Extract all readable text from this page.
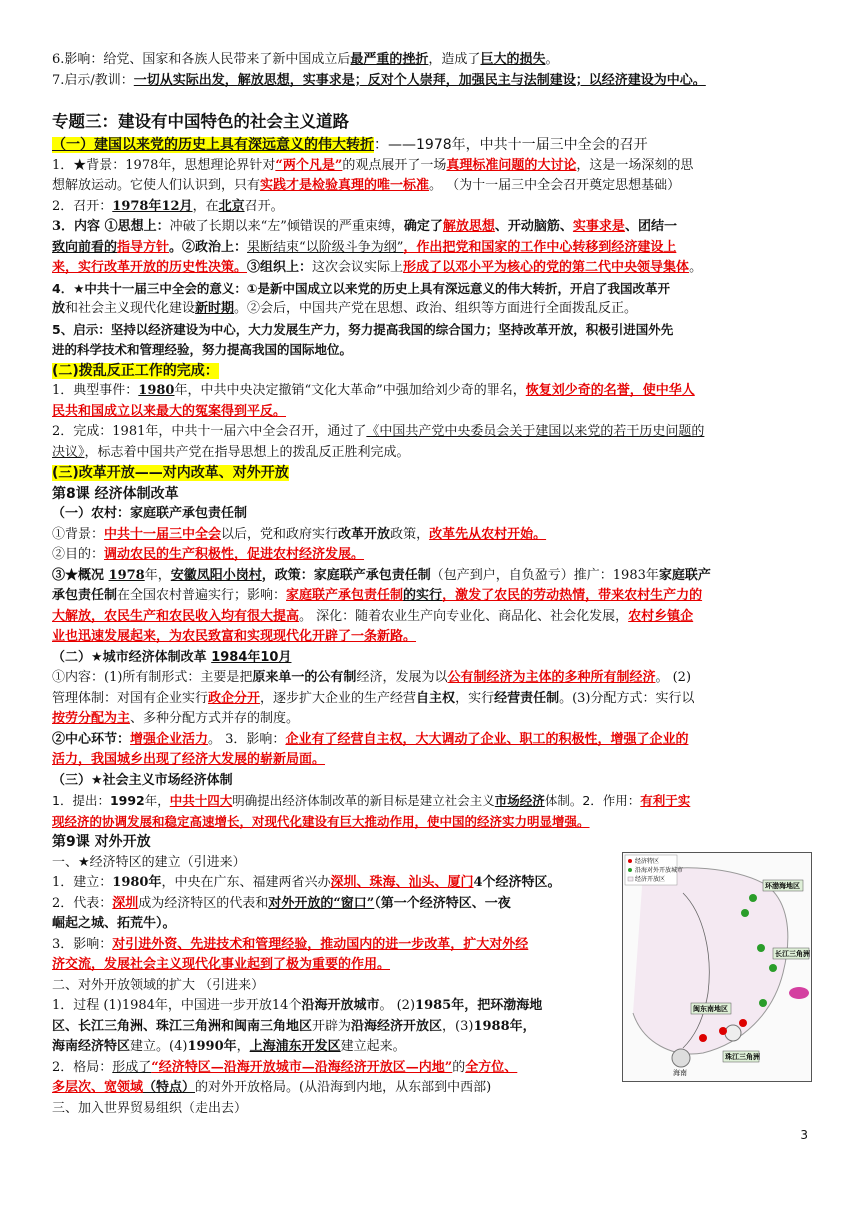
6.影响：给党、国家和各族人民带来了新中国成立后最严重的挫折，造成了巨大的损失。

7.启示/教训：一切从实际出发，解放思想，实事求是；反对个人崇拜，加强民主与法制建设；以经济建设为中心。

专题三：建设有中国特色的社会主义道路

（一）建国以来党的历史上具有深远意义的伟大转折：——1978年，中共十一届三中全会的召开

1．★背景：1978年，思想理论界针对“两个凡是”的观点展开了一场真理标准问题的大讨论，这是一场深刻的思

想解放运动。它使人们认识到，只有实践才是检验真理的唯一标准。 （为十一届三中全会召开奠定思想基础）

2．召开：1978年12月，在北京召开。

3．内容 ①思想上：冲破了长期以来“左”倾错误的严重束缚，确定了解放思想、开动脑筋、实事求是、团结一

致向前看的指导方针。②政治上：果断结束“以阶级斗争为纲”，作出把党和国家的工作中心转移到经济建设上

来，实行改革开放的历史性决策。③组织上：这次会议实际上形成了以邓小平为核心的党的第二代中央领导集体。

4．★中共十一届三中全会的意义：①是新中国成立以来党的历史上具有深远意义的伟大转折，开启了我国改革开

放和社会主义现代化建设新时期。②会后，中国共产党在思想、政治、组织等方面进行全面拨乱反正。

5、启示：坚持以经济建设为中心，大力发展生产力，努力提高我国的综合国力；坚持改革开放，积极引进国外先

进的科学技术和管理经验，努力提高我国的国际地位。

(二)拨乱反正工作的完成：

1．典型事件：1980年，中共中央决定撤销“文化大革命”中强加给刘少奇的罪名，恢复刘少奇的名誉，使中华人

民共和国成立以来最大的冤案得到平反。

2．完成：1981年，中共十一届六中全会召开，通过了《中国共产党中央委员会关于建国以来党的若干历史问题的

决议》，标志着中国共产党在指导思想上的拨乱反正胜利完成。

(三)改革开放——对内改革、对外开放

第8课 经济体制改革

（一）农村：家庭联产承包责任制

①背景：中共十一届三中全会以后，党和政府实行改革开放政策，改革先从农村开始。

②目的：调动农民的生产积极性，促进农村经济发展。

③★概况 1978年，安徽凤阳小岗村，政策：家庭联产承包责任制（包产到户，自负盈亏）推广：1983年家庭联产

承包责任制在全国农村普遍实行；影响：家庭联产承包责任制的实行，激发了农民的劳动热情，带来农村生产力的

大解放，农民生产和农民收入均有很大提高。 深化：随着农业生产向专业化、商品化、社会化发展，农村乡镇企

业也迅速发展起来，为农民致富和实现现代化开辟了一条新路。

（二）★城市经济体制改革 1984年10月

①内容：(1)所有制形式：主要是把原来单一的公有制经济，发展为以公有制经济为主体的多种所有制经济。 (2)

管理体制：对国有企业实行政企分开，逐步扩大企业的生产经营自主权，实行经营责任制。(3)分配方式：实行以

按劳分配为主、多种分配方式并存的制度。

②中心环节：增强企业活力。 3．影响：企业有了经营自主权，大大调动了企业、职工的积极性，增强了企业的

活力，我国城乡出现了经济大发展的崭新局面。

（三）★社会主义市场经济体制

1．提出：1992年，中共十四大明确提出经济体制改革的新目标是建立社会主义市场经济体制。2．作用：有利于实

现经济的协调发展和稳定高速增长，对现代化建设有巨大推动作用，使中国的经济实力明显增强。

第9课 对外开放

一、★经济特区的建立（引进来）

1．建立：1980年，中央在广东、福建两省兴办深圳、珠海、汕头、厦门4个经济特区。

2．代表：深圳成为经济特区的代表和对外开放的“窗口”（第一个经济特区、一夜

崛起之城、拓荒牛）。

3．影响：对引进外资、先进技术和管理经验，推动国内的进一步改革，扩大对外经

济交流，发展社会主义现代化事业起到了极为重要的作用。

二、对外开放领域的扩大 （引进来）

1．过程 (1)1984年，中国进一步开放14个沿海开放城市。 (2)1985年，把环渤海地

区、长江三角洲、珠江三角洲和闽南三角地区开辟为沿海经济开放区，(3)1988年，

海南经济特区建立。(4)1990年，上海浦东开发区建立起来。

2．格局：形成了“经济特区—沿海开放城市—沿海经济开放区—内地”的全方位、

多层次、宽领域（特点）的对外开放格局。(从沿海到内地，从东部到中西部)

三、加入世界贸易组织（走出去）

经济特区
沿海对外开放城市
经济开放区
环渤海地区
长江三角洲
闽东南地区
珠江三角洲
海南
3
